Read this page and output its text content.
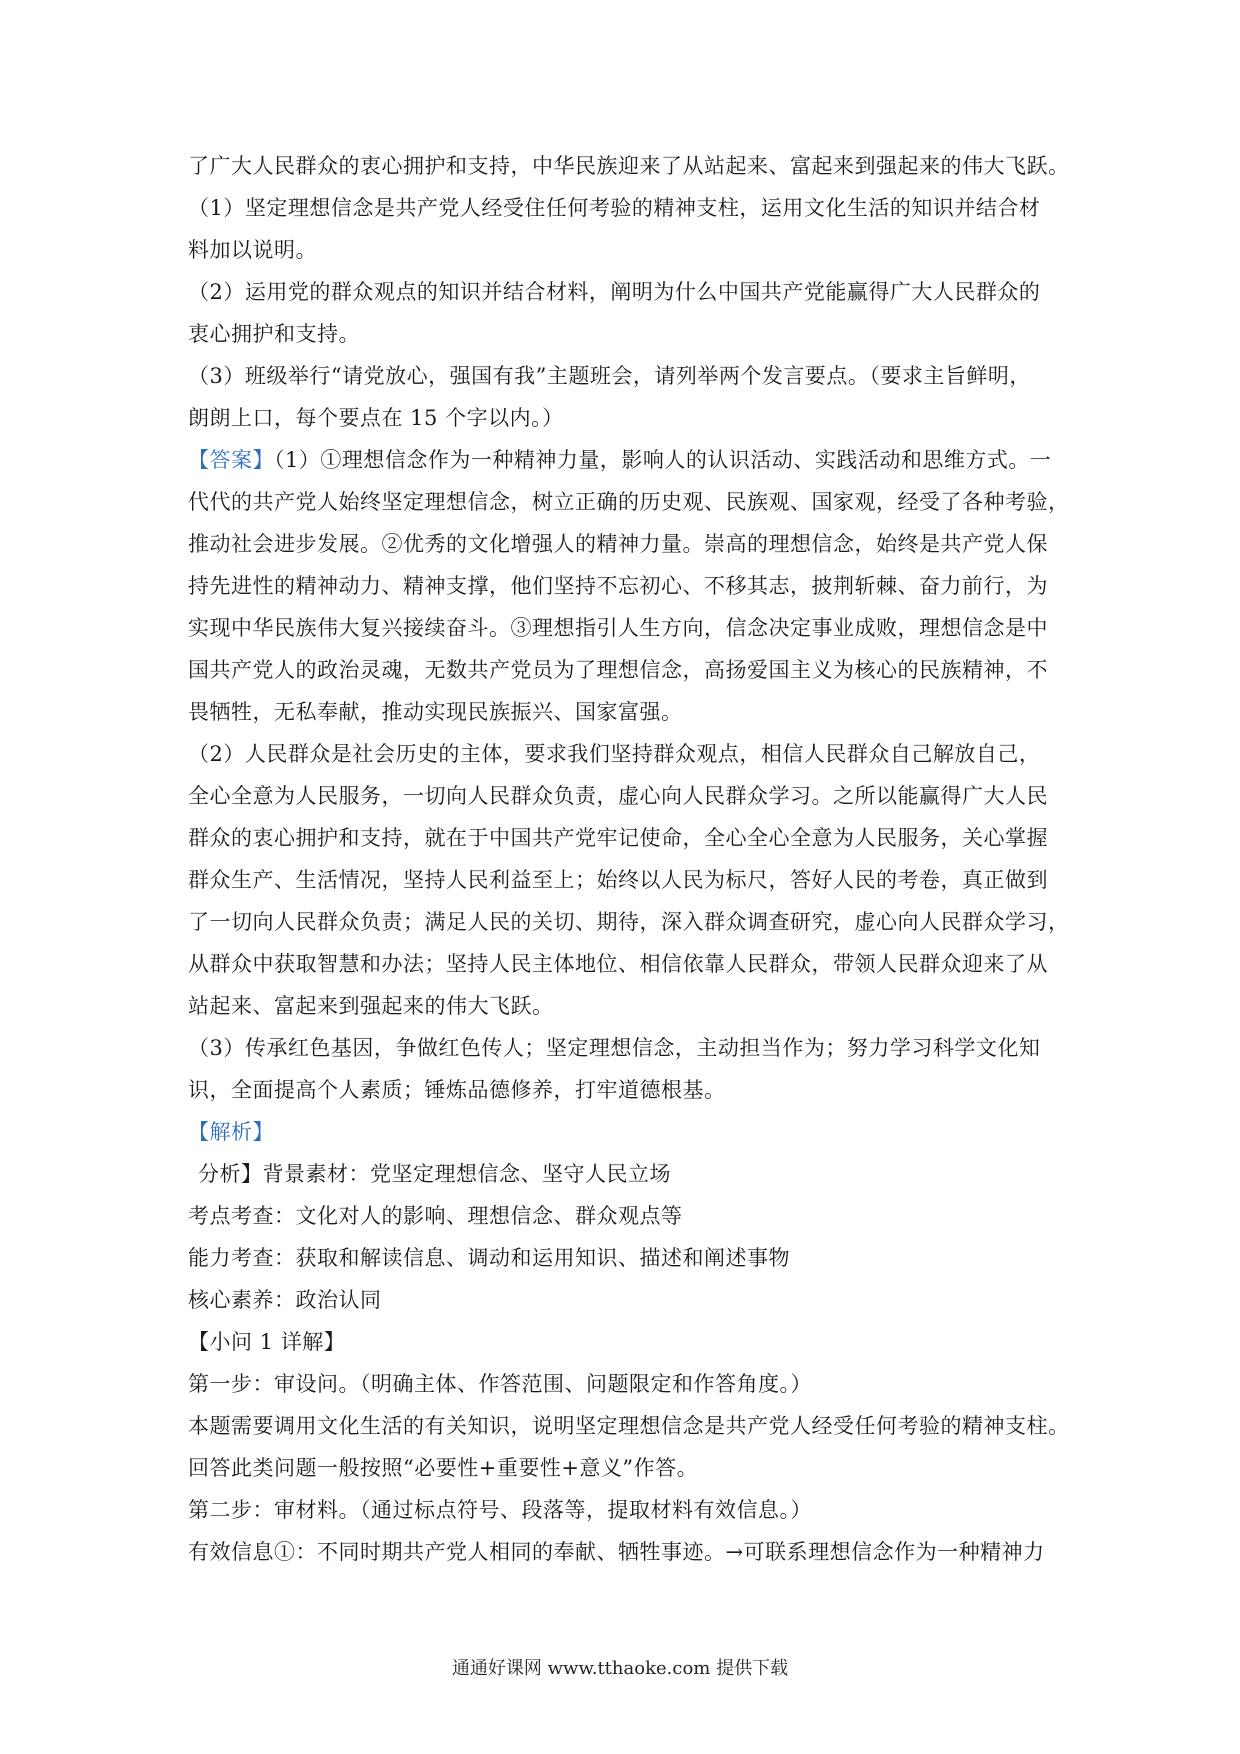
了广大人民群众的衷心拥护和支持，中华民族迎来了从站起来、富起来到强起来的伟大飞跃。
（1）坚定理想信念是共产党人经受住任何考验的精神支柱，运用文化生活的知识并结合材
料加以说明。
（2）运用党的群众观点的知识并结合材料，阐明为什么中国共产党能赢得广大人民群众的
衷心拥护和支持。
（3）班级举行“请党放心，强国有我”主题班会，请列举两个发言要点。（要求主旨鲜明，
朗朗上口，每个要点在 15 个字以内。）
【答案】（1）①理想信念作为一种精神力量，影响人的认识活动、实践活动和思维方式。一
代代的共产党人始终坚定理想信念，树立正确的历史观、民族观、国家观，经受了各种考验，
推动社会进步发展。②优秀的文化增强人的精神力量。崇高的理想信念，始终是共产党人保
持先进性的精神动力、精神支撑，他们坚持不忘初心、不移其志，披荆斩棘、奋力前行，为
实现中华民族伟大复兴接续奋斗。③理想指引人生方向，信念决定事业成败，理想信念是中
国共产党人的政治灵魂，无数共产党员为了理想信念，高扬爱国主义为核心的民族精神，不
畏牺牲，无私奉献，推动实现民族振兴、国家富强。
（2）人民群众是社会历史的主体，要求我们坚持群众观点，相信人民群众自己解放自己，
全心全意为人民服务，一切向人民群众负责，虚心向人民群众学习。之所以能赢得广大人民
群众的衷心拥护和支持，就在于中国共产党牢记使命，全心全心全意为人民服务，关心掌握
群众生产、生活情况，坚持人民利益至上；始终以人民为标尺，答好人民的考卷，真正做到
了一切向人民群众负责；满足人民的关切、期待，深入群众调查研究，虚心向人民群众学习，
从群众中获取智慧和办法；坚持人民主体地位、相信依靠人民群众，带领人民群众迎来了从
站起来、富起来到强起来的伟大飞跃。
（3）传承红色基因，争做红色传人；坚定理想信念，主动担当作为；努力学习科学文化知
识，全面提高个人素质；锤炼品德修养，打牢道德根基。
【解析】
分析】背景素材：党坚定理想信念、坚守人民立场
考点考查：文化对人的影响、理想信念、群众观点等
能力考查：获取和解读信息、调动和运用知识、描述和阐述事物
核心素养：政治认同
【小问 1 详解】
第一步：审设问。（明确主体、作答范围、问题限定和作答角度。）
本题需要调用文化生活的有关知识，说明坚定理想信念是共产党人经受任何考验的精神支柱。
回答此类问题一般按照“必要性+重要性+意义”作答。
第二步：审材料。（通过标点符号、段落等，提取材料有效信息。）
有效信息①：不同时期共产党人相同的奉献、牺牲事迹。→可联系理想信念作为一种精神力
通通好课网 www.tthaoke.com 提供下载
